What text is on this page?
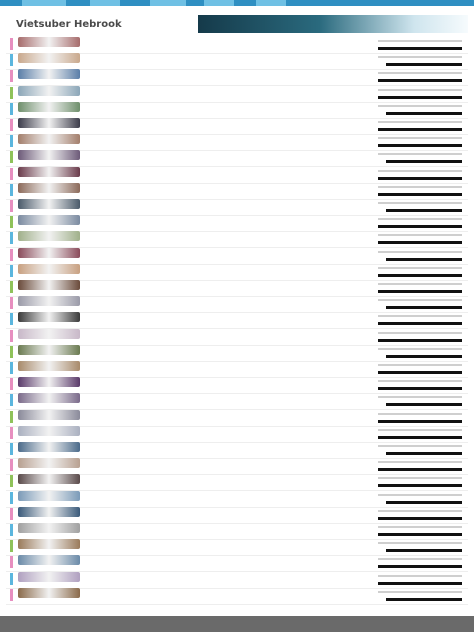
Vietsuber Hebrook
